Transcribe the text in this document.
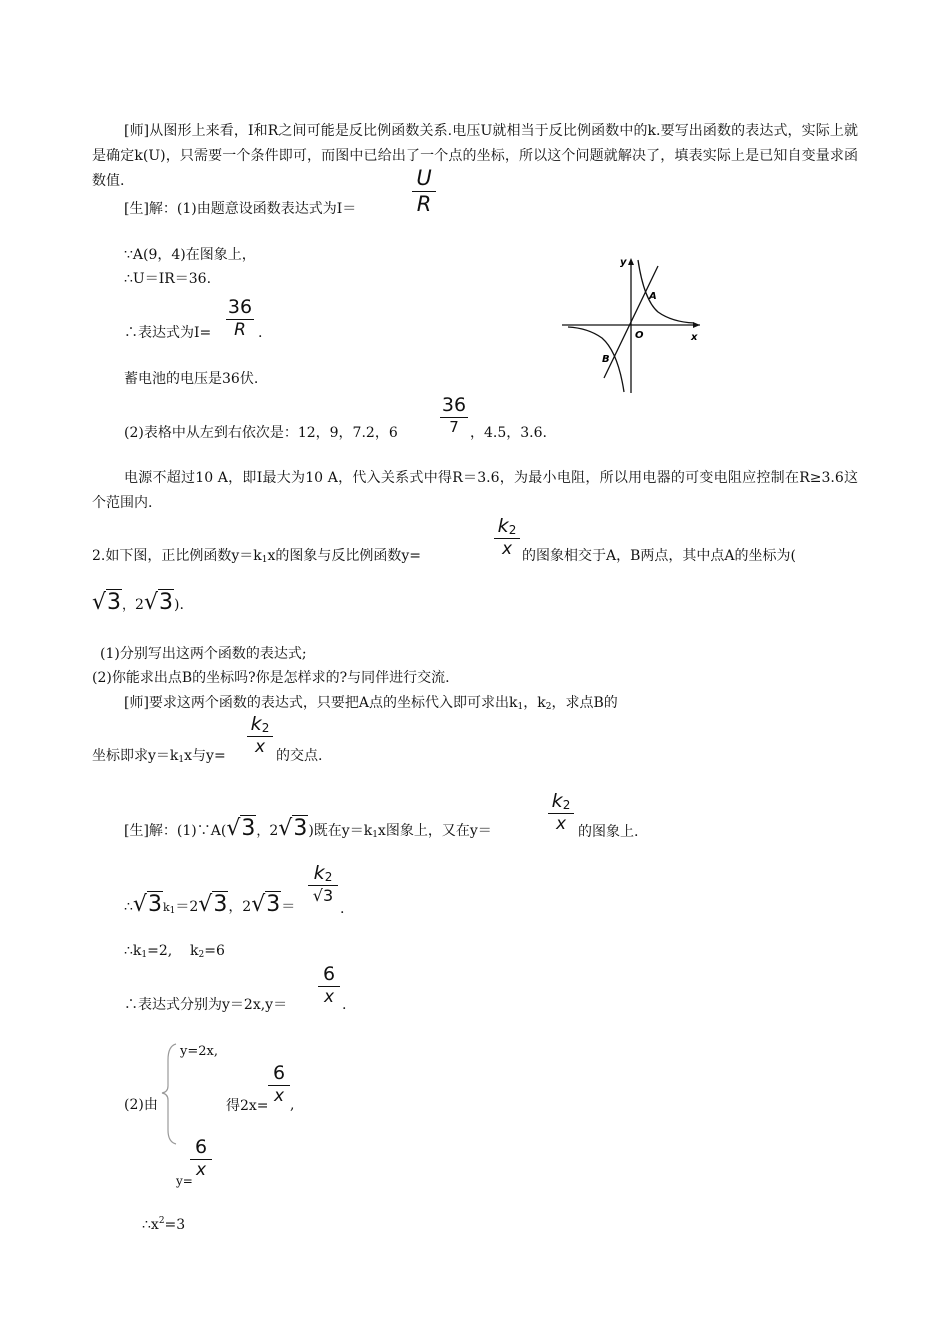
[师]从图形上来看，I和R之间可能是反比例函数关系.电压U就相当于反比例函数中的k.要写出函数的表达式，实际上就是确定k(U)，只需要一个条件即可，而图中已给出了一个点的坐标，所以这个问题就解决了，填表实际上是已知自变量求函数值.
[生]解：(1)由题意设函数表达式为I＝
U
R
∵A(9，4)在图象上，
∴U＝IR＝36.
∴表达式为I=
36
R .
蓄电池的电压是36伏.
(2)表格中从左到右依次是：12，9，7.2，6
36
7 ，4.5，3.6.
电源不超过10 A，即I最大为10 A，代入关系式中得R＝3.6，为最小电阻，所以用电器的可变电阻应控制在R≥3.6这个范围内.
2.如下图，正比例函数$y=k_1x$的图象与反比例函数y=
$k_2$
x 的图象相交于A，B两点，其中点A的坐标为(
√3，2√3).
(1)分别写出这两个函数的表达式;
(2)你能求出点B的坐标吗?你是怎样求的?与同伴进行交流.
[师]要求这两个函数的表达式，只要把A点的坐标代入即可求出$k_1$，$k_2$，求点B的
坐标即求$y=k_1x$与y=
$k_2$
x 的交点.
[生]解：(1)∵A(√3，2√3)既在$y=k_1x$图象上，又在y＝
$k_2$
x 的图象上.
$\therefore√3k_1=2√3$，2√3＝
$k_2$
√3
.
$\therefore k_1=2$,    $k_2=6$
∴表达式分别为y＝2x,y＝
6
x .
y=2x,
(2)由	得2x=
6
x ,
y=
6
x
$\therefore x^2=3$
y
x
O
A
B
